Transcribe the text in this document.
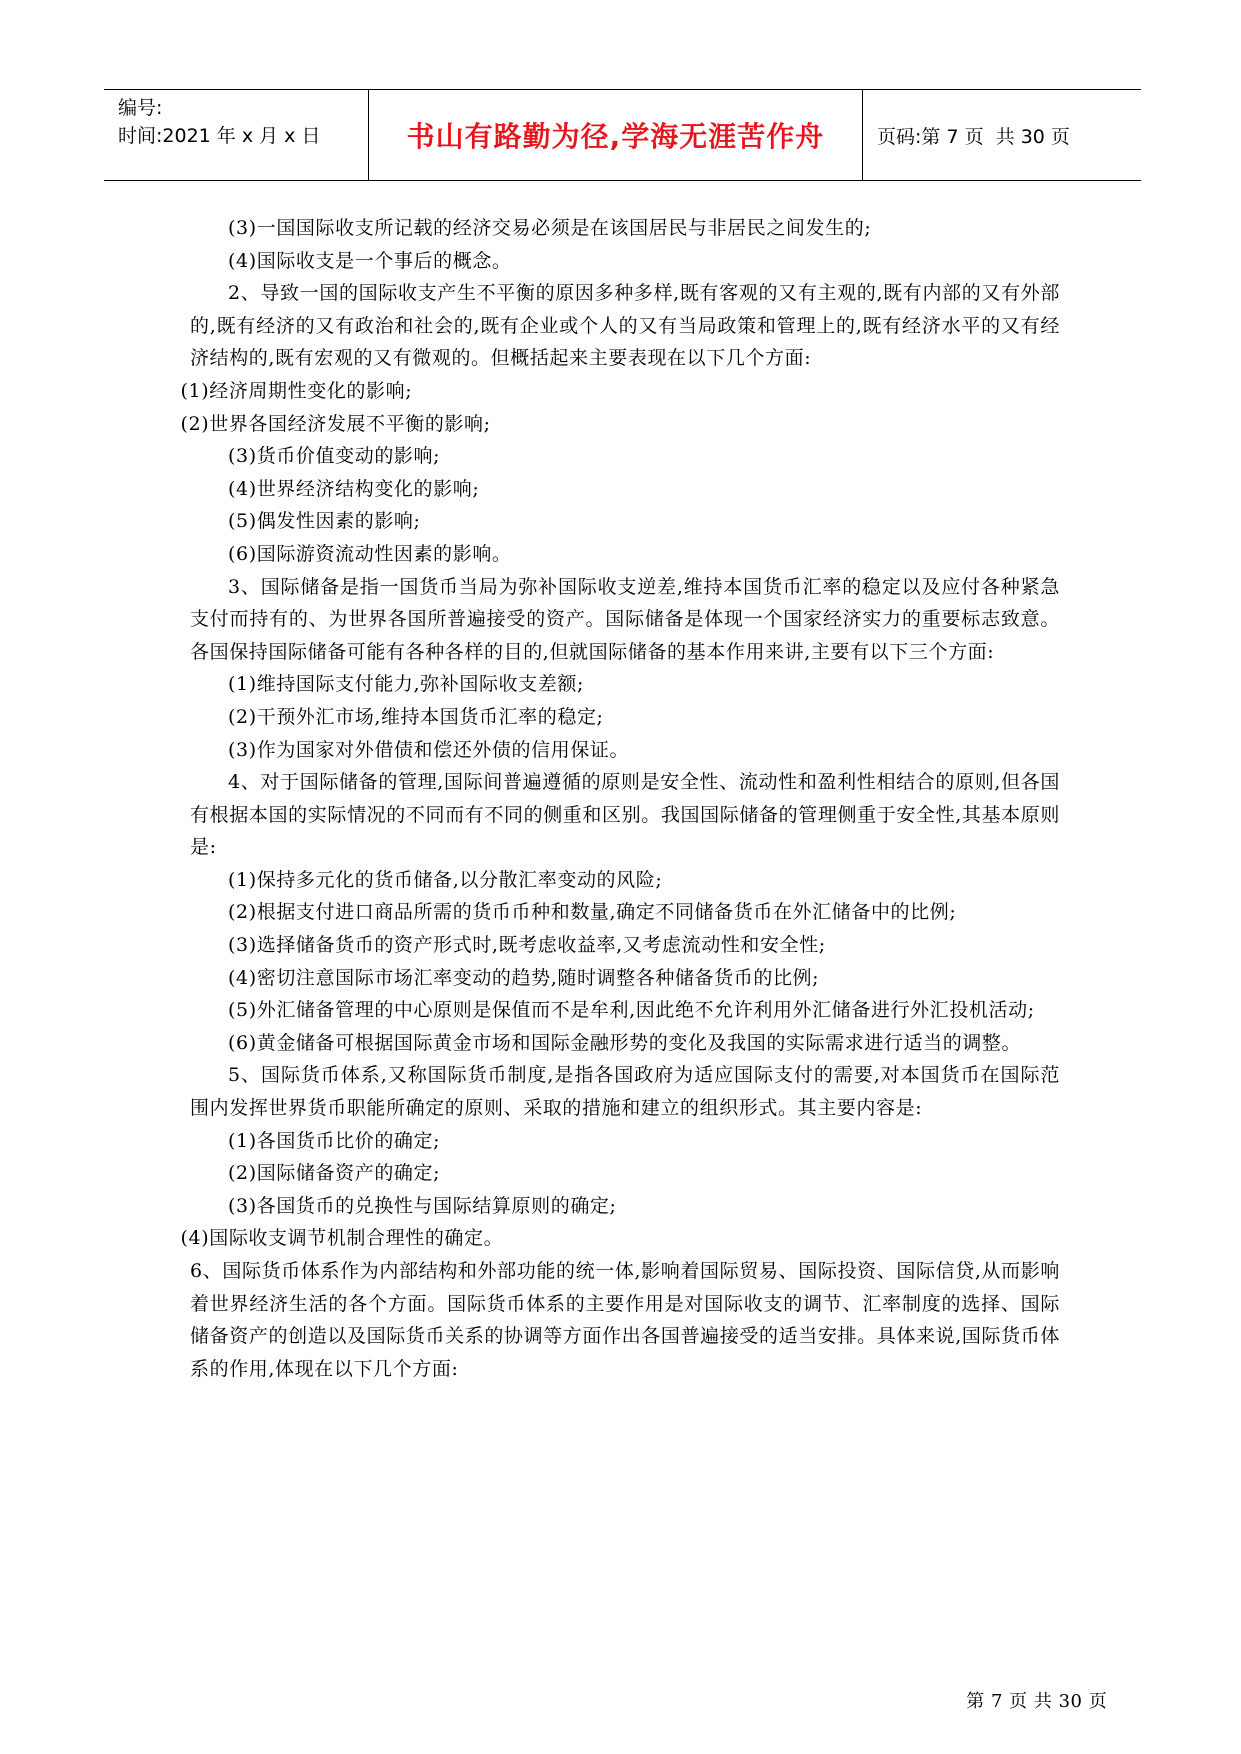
编号:
时间:2021 年 x 月 x 日	书山有路勤为径,学海无涯苦作舟	页码:第 7 页  共 30 页

(3)一国国际收支所记载的经济交易必须是在该国居民与非居民之间发生的;

(4)国际收支是一个事后的概念。

2、导致一国的国际收支产生不平衡的原因多种多样,既有客观的又有主观的,既有内部的又有外部的,既有经济的又有政治和社会的,既有企业或个人的又有当局政策和管理上的,既有经济水平的又有经济结构的,既有宏观的又有微观的。但概括起来主要表现在以下几个方面:

(1)经济周期性变化的影响;

(2)世界各国经济发展不平衡的影响;

(3)货币价值变动的影响;

(4)世界经济结构变化的影响;

(5)偶发性因素的影响;

(6)国际游资流动性因素的影响。

3、国际储备是指一国货币当局为弥补国际收支逆差,维持本国货币汇率的稳定以及应付各种紧急支付而持有的、为世界各国所普遍接受的资产。国际储备是体现一个国家经济实力的重要标志致意。各国保持国际储备可能有各种各样的目的,但就国际储备的基本作用来讲,主要有以下三个方面:

(1)维持国际支付能力,弥补国际收支差额;

(2)干预外汇市场,维持本国货币汇率的稳定;

(3)作为国家对外借债和偿还外债的信用保证。

4、对于国际储备的管理,国际间普遍遵循的原则是安全性、流动性和盈利性相结合的原则,但各国有根据本国的实际情况的不同而有不同的侧重和区别。我国国际储备的管理侧重于安全性,其基本原则是:

(1)保持多元化的货币储备,以分散汇率变动的风险;

(2)根据支付进口商品所需的货币币种和数量,确定不同储备货币在外汇储备中的比例;

(3)选择储备货币的资产形式时,既考虑收益率,又考虑流动性和安全性;

(4)密切注意国际市场汇率变动的趋势,随时调整各种储备货币的比例;

(5)外汇储备管理的中心原则是保值而不是牟利,因此绝不允许利用外汇储备进行外汇投机活动;

(6)黄金储备可根据国际黄金市场和国际金融形势的变化及我国的实际需求进行适当的调整。

5、国际货币体系,又称国际货币制度,是指各国政府为适应国际支付的需要,对本国货币在国际范围内发挥世界货币职能所确定的原则、采取的措施和建立的组织形式。其主要内容是:

(1)各国货币比价的确定;

(2)国际储备资产的确定;

(3)各国货币的兑换性与国际结算原则的确定;

(4)国际收支调节机制合理性的确定。

6、国际货币体系作为内部结构和外部功能的统一体,影响着国际贸易、国际投资、国际信贷,从而影响着世界经济生活的各个方面。国际货币体系的主要作用是对国际收支的调节、汇率制度的选择、国际储备资产的创造以及国际货币关系的协调等方面作出各国普遍接受的适当安排。具体来说,国际货币体系的作用,体现在以下几个方面:

第 7 页 共 30 页
